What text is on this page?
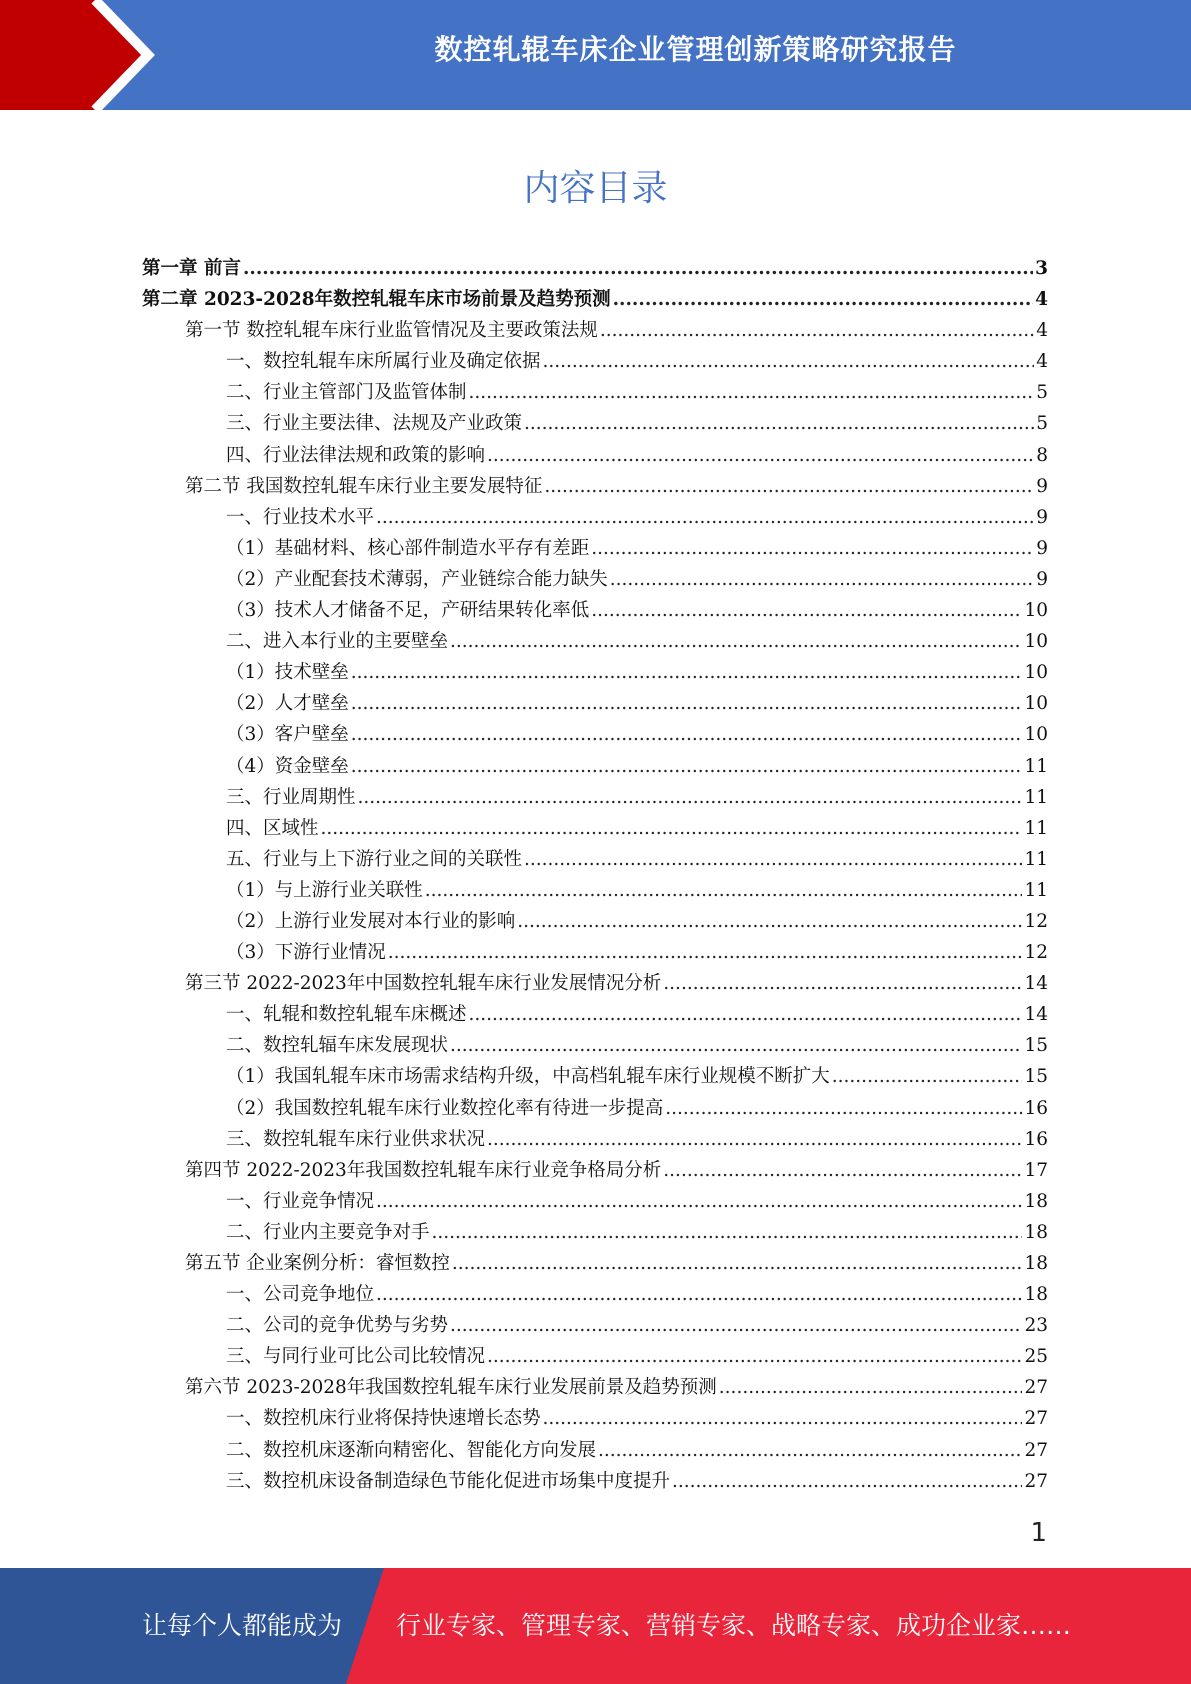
数控轧辊车床企业管理创新策略研究报告
内容目录
第一章 前言 .....	3
第二章 2023-2028年数控轧辊车床市场前景及趋势预测 .....	4
第一节 数控轧辊车床行业监管情况及主要政策法规 .....	4
一、数控轧辊车床所属行业及确定依据 .....	4
二、行业主管部门及监管体制 .....	5
三、行业主要法律、法规及产业政策 .....	5
四、行业法律法规和政策的影响 .....	8
第二节 我国数控轧辊车床行业主要发展特征 .....	9
一、行业技术水平 .....	9
（1）基础材料、核心部件制造水平存有差距 .....	9
（2）产业配套技术薄弱，产业链综合能力缺失 .....	9
（3）技术人才储备不足，产研结果转化率低 .....	10
二、进入本行业的主要壁垒 .....	10
（1）技术壁垒 .....	10
（2）人才壁垒 .....	10
（3）客户壁垒 .....	10
（4）资金壁垒 .....	11
三、行业周期性 .....	11
四、区域性 .....	11
五、行业与上下游行业之间的关联性 .....	11
（1）与上游行业关联性 .....	11
（2）上游行业发展对本行业的影响 .....	12
（3）下游行业情况 .....	12
第三节 2022-2023年中国数控轧辊车床行业发展情况分析 .....	14
一、轧辊和数控轧辊车床概述 .....	14
二、数控轧辐车床发展现状 .....	15
（1）我国轧辊车床市场需求结构升级，中高档轧辊车床行业规模不断扩大 .....	15
（2）我国数控轧辊车床行业数控化率有待进一步提高 .....	16
三、数控轧辊车床行业供求状况 .....	16
第四节 2022-2023年我国数控轧辊车床行业竞争格局分析 .....	17
一、行业竞争情况 .....	18
二、行业内主要竞争对手 .....	18
第五节 企业案例分析：睿恒数控 .....	18
一、公司竞争地位 .....	18
二、公司的竞争优势与劣势 .....	23
三、与同行业可比公司比较情况 .....	25
第六节 2023-2028年我国数控轧辊车床行业发展前景及趋势预测 .....	27
一、数控机床行业将保持快速增长态势 .....	27
二、数控机床逐渐向精密化、智能化方向发展 .....	27
三、数控机床设备制造绿色节能化促进市场集中度提升 .....	27
1
让每个人都能成为 行业专家、管理专家、营销专家、战略专家、成功企业家……
